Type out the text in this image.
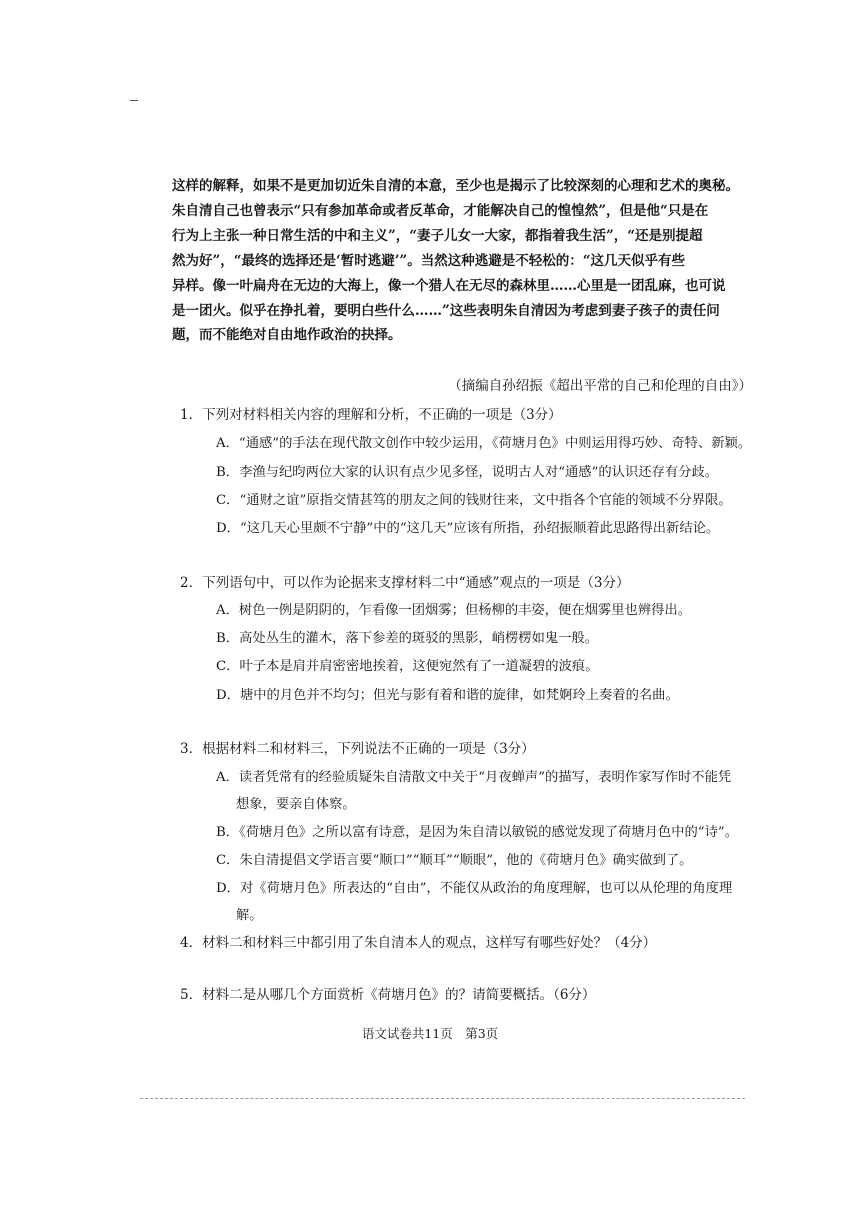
这样的解释，如果不是更加切近朱自清的本意，至少也是揭示了比较深刻的心理和艺术的奥秘。
朱自清自己也曾表示“只有参加革命或者反革命，才能解决自己的惶惶然”，但是他“只是在
行为上主张一种日常生活的中和主义”，“妻子儿女一大家，都指着我生活”，“还是别提超
然为好”，“最终的选择还是‘暂时逃避’”。当然这种逃避是不轻松的：“这几天似乎有些
异样。像一叶扁舟在无边的大海上，像一个猎人在无尽的森林里……心里是一团乱麻，也可说
是一团火。似乎在挣扎着，要明白些什么……”这些表明朱自清因为考虑到妻子孩子的责任问
题，而不能绝对自由地作政治的抉择。
（摘编自孙绍振《超出平常的自己和伦理的自由》）
1．下列对材料相关内容的理解和分析，不正确的一项是（3分）
A．“通感”的手法在现代散文创作中较少运用，《荷塘月色》中则运用得巧妙、奇特、新颖。
B．李渔与纪昀两位大家的认识有点少见多怪，说明古人对“通感”的认识还存有分歧。
C．“通财之谊”原指交情甚笃的朋友之间的钱财往来，文中指各个官能的领域不分界限。
D．“这几天心里颇不宁静”中的“这几天”应该有所指，孙绍振顺着此思路得出新结论。
2．下列语句中，可以作为论据来支撑材料二中“通感”观点的一项是（3分）
A．树色一例是阴阴的，乍看像一团烟雾；但杨柳的丰姿，便在烟雾里也辨得出。
B．高处丛生的灌木，落下参差的斑驳的黑影，峭楞楞如鬼一般。
C．叶子本是肩并肩密密地挨着，这便宛然有了一道凝碧的波痕。
D．塘中的月色并不均匀；但光与影有着和谐的旋律，如梵婀玲上奏着的名曲。
3．根据材料二和材料三，下列说法不正确的一项是（3分）
A．读者凭常有的经验质疑朱自清散文中关于“月夜蝉声”的描写，表明作家写作时不能凭
想象，要亲自体察。
B．《荷塘月色》之所以富有诗意，是因为朱自清以敏锐的感觉发现了荷塘月色中的“诗”。
C．朱自清提倡文学语言要“顺口”“顺耳”“顺眼”，他的《荷塘月色》确实做到了。
D．对《荷塘月色》所表达的“自由”，不能仅从政治的角度理解，也可以从伦理的角度理
解。
4．材料二和材料三中都引用了朱自清本人的观点，这样写有哪些好处？（4分）
5．材料二是从哪几个方面赏析《荷塘月色》的？请简要概括。（6分）
语文试卷共11页　第3页
